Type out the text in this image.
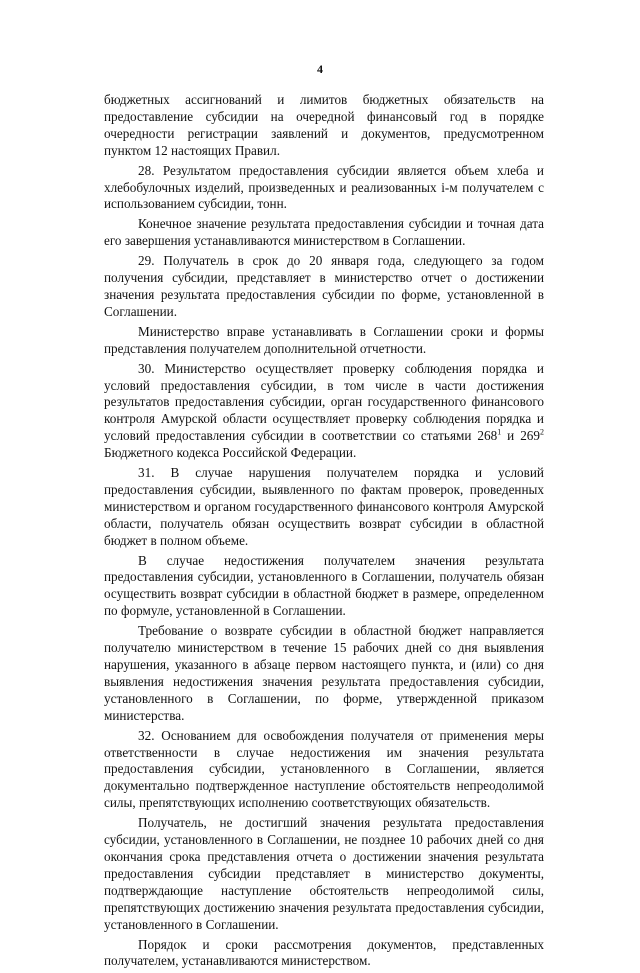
4

бюджетных ассигнований и лимитов бюджетных обязательств на предоставление субсидии на очередной финансовый год в порядке очередности регистрации заявлений и документов, предусмотренном пунктом 12 настоящих Правил.

28. Результатом предоставления субсидии является объем хлеба и хлебобулочных изделий, произведенных и реализованных i-м получателем с использованием субсидии, тонн.

Конечное значение результата предоставления субсидии и точная дата его завершения устанавливаются министерством в Соглашении.

29. Получатель в срок до 20 января года, следующего за годом получения субсидии, представляет в министерство отчет о достижении значения результата предоставления субсидии по форме, установленной в Соглашении.

Министерство вправе устанавливать в Соглашении сроки и формы представления получателем дополнительной отчетности.

30. Министерство осуществляет проверку соблюдения порядка и условий предоставления субсидии, в том числе в части достижения результатов предоставления субсидии, орган государственного финансового контроля Амурской области осуществляет проверку соблюдения порядка и условий предоставления субсидии в соответствии со статьями $268^1$ и $269^2$ Бюджетного кодекса Российской Федерации.

31. В случае нарушения получателем порядка и условий предоставления субсидии, выявленного по фактам проверок, проведенных министерством и органом государственного финансового контроля Амурской области, получатель обязан осуществить возврат субсидии в областной бюджет в полном объеме.

В случае недостижения получателем значения результата предоставления субсидии, установленного в Соглашении, получатель обязан осуществить возврат субсидии в областной бюджет в размере, определенном по формуле, установленной в Соглашении.

Требование о возврате субсидии в областной бюджет направляется получателю министерством в течение 15 рабочих дней со дня выявления нарушения, указанного в абзаце первом настоящего пункта, и (или) со дня выявления недостижения значения результата предоставления субсидии, установленного в Соглашении, по форме, утвержденной приказом министерства.

32. Основанием для освобождения получателя от применения меры ответственности в случае недостижения им значения результата предоставления субсидии, установленного в Соглашении, является документально подтвержденное наступление обстоятельств непреодолимой силы, препятствующих исполнению соответствующих обязательств.

Получатель, не достигший значения результата предоставления субсидии, установленного в Соглашении, не позднее 10 рабочих дней со дня окончания срока представления отчета о достижении значения результата предоставления субсидии представляет в министерство документы, подтверждающие наступление обстоятельств непреодолимой силы, препятствующих достижению значения результата предоставления субсидии, установленного в Соглашении.

Порядок и сроки рассмотрения документов, представленных получателем, устанавливаются министерством.
